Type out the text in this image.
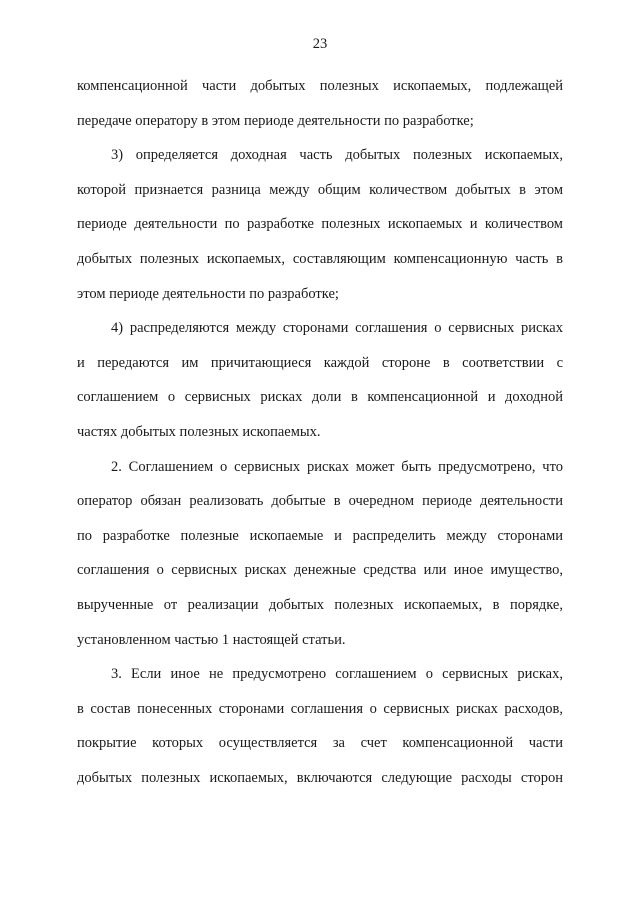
23
компенсационной части добытых полезных ископаемых, подлежащей
передаче оператору в этом периоде деятельности по разработке;
3) определяется доходная часть добытых полезных ископаемых,
которой признается разница между общим количеством добытых в этом
периоде деятельности по разработке полезных ископаемых и количеством
добытых полезных ископаемых, составляющим компенсационную часть в
этом периоде деятельности по разработке;
4) распределяются между сторонами соглашения о сервисных рисках
и передаются им причитающиеся каждой стороне в соответствии с
соглашением о сервисных рисках доли в компенсационной и доходной
частях добытых полезных ископаемых.
2. Соглашением о сервисных рисках может быть предусмотрено, что
оператор обязан реализовать добытые в очередном периоде деятельности
по разработке полезные ископаемые и распределить между сторонами
соглашения о сервисных рисках денежные средства или иное имущество,
вырученные от реализации добытых полезных ископаемых, в порядке,
установленном частью 1 настоящей статьи.
3. Если иное не предусмотрено соглашением о сервисных рисках,
в состав понесенных сторонами соглашения о сервисных рисках расходов,
покрытие которых осуществляется за счет компенсационной части
добытых полезных ископаемых, включаются следующие расходы сторон
